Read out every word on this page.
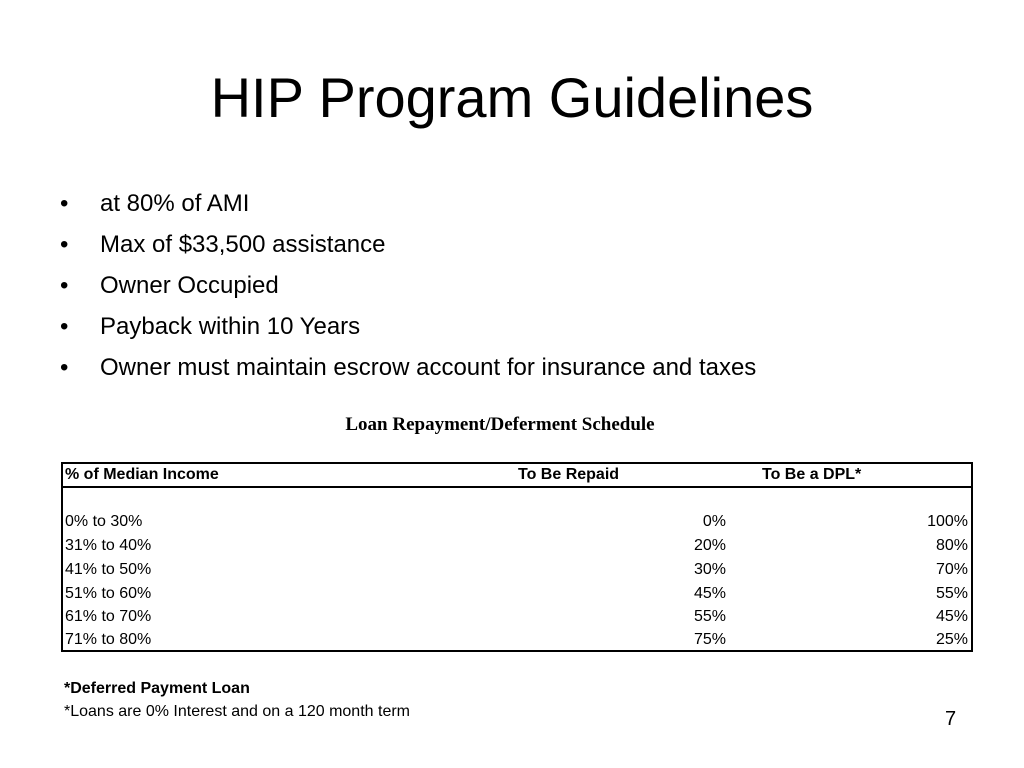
HIP Program Guidelines
• at 80% of AMI
• Max of $33,500 assistance
• Owner Occupied
• Payback within 10 Years
• Owner must maintain escrow account for insurance and taxes
Loan Repayment/Deferment Schedule
% of Median Income	To Be Repaid	To Be a DPL*
0% to 30%	0%	100%
31% to 40%	20%	80%
41% to 50%	30%	70%
51% to 60%	45%	55%
61% to 70%	55%	45%
71% to 80%	75%	25%
*Deferred Payment Loan
*Loans are 0% Interest and on a 120 month term	7
